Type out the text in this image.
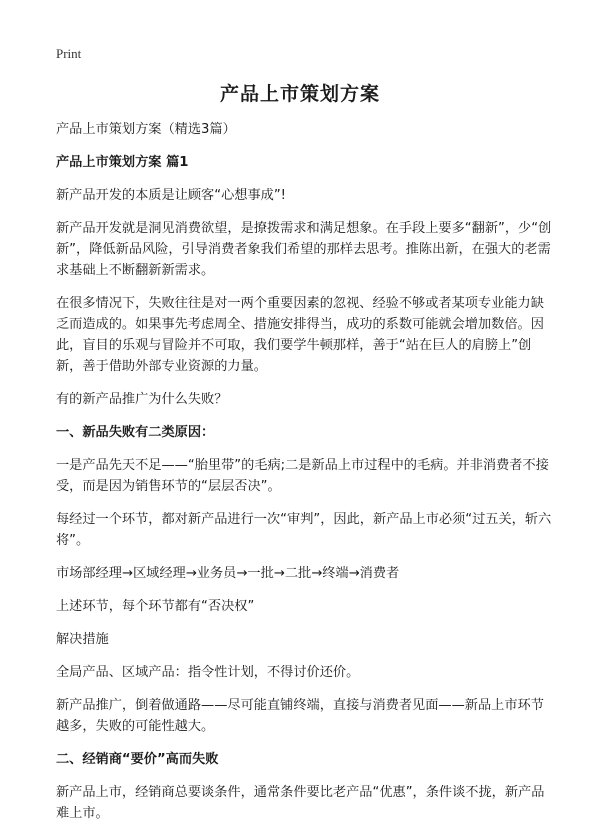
Print
产品上市策划方案

产品上市策划方案（精选3篇）

产品上市策划方案 篇1

新产品开发的本质是让顾客“心想事成”!

新产品开发就是洞见消费欲望，是撩拨需求和满足想象。在手段上要多“翻新”，少“创新”，降低新品风险，引导消费者象我们希望的那样去思考。推陈出新，在强大的老需求基础上不断翻新新需求。

在很多情况下，失败往往是对一两个重要因素的忽视、经验不够或者某项专业能力缺乏而造成的。如果事先考虑周全、措施安排得当，成功的系数可能就会增加数倍。因此，盲目的乐观与冒险并不可取，我们要学牛顿那样，善于“站在巨人的肩膀上”创新，善于借助外部专业资源的力量。

有的新产品推广为什么失败？

一、新品失败有二类原因：

一是产品先天不足——“胎里带”的毛病;二是新品上市过程中的毛病。并非消费者不接受，而是因为销售环节的“层层否决”。

每经过一个环节，都对新产品进行一次“审判”，因此，新产品上市必须“过五关，斩六将”。

市场部经理→区域经理→业务员→一批→二批→终端→消费者

上述环节，每个环节都有“否决权”

解决措施

全局产品、区域产品：指令性计划，不得讨价还价。

新产品推广，倒着做通路——尽可能直铺终端，直接与消费者见面——新品上市环节越多，失败的可能性越大。

二、经销商“要价”高而失败

新产品上市，经销商总要谈条件，通常条件要比老产品“优惠”，条件谈不拢，新产品难上市。
